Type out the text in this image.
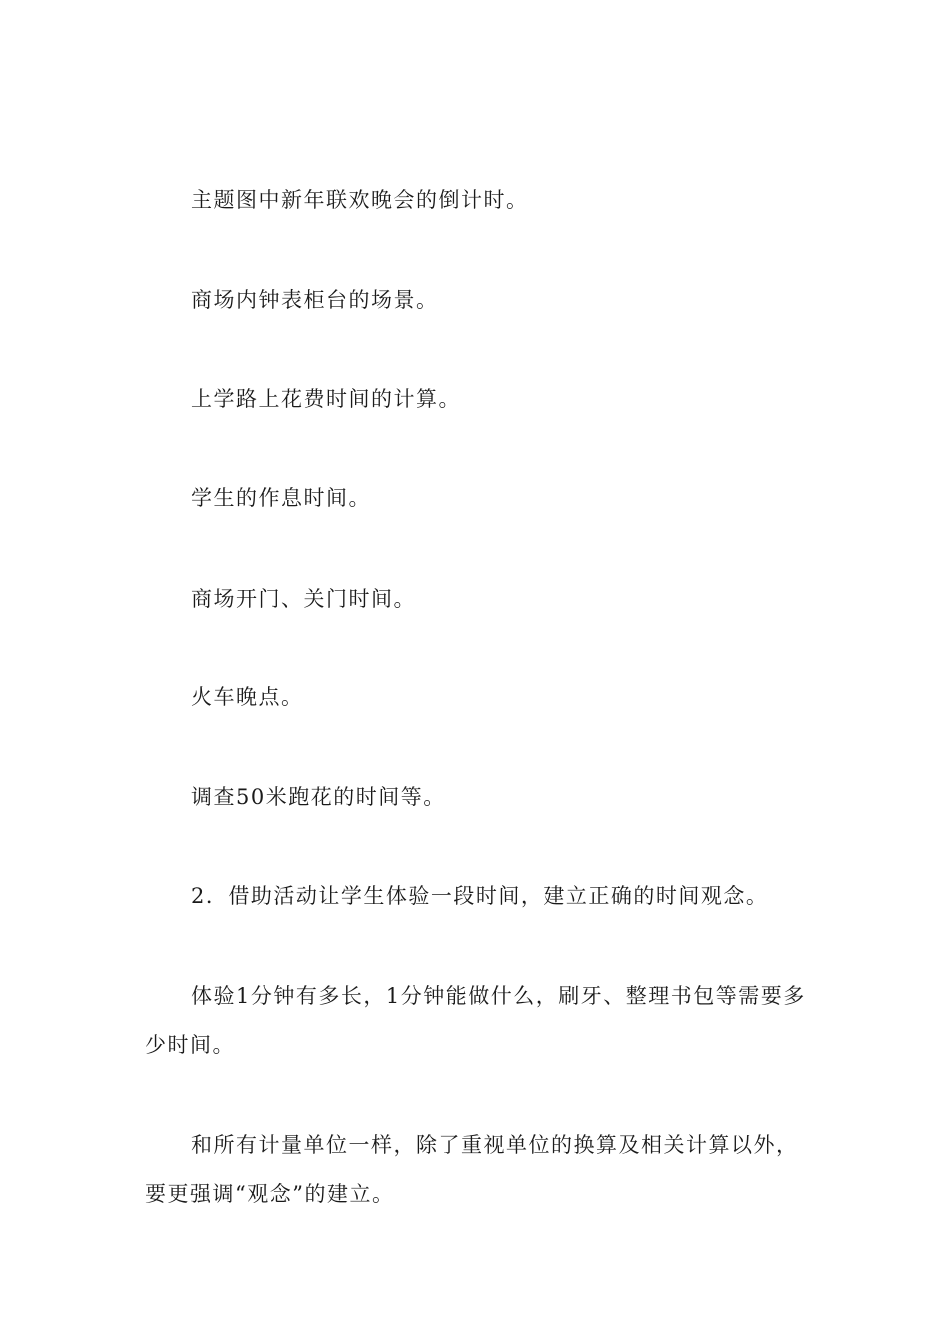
主题图中新年联欢晚会的倒计时。

商场内钟表柜台的场景。

上学路上花费时间的计算。

学生的作息时间。

商场开门、关门时间。

火车晚点。

调查50米跑花的时间等。

2．借助活动让学生体验一段时间，建立正确的时间观念。

体验1分钟有多长，1分钟能做什么，刷牙、整理书包等需要多少时间。

和所有计量单位一样，除了重视单位的换算及相关计算以外，要更强调“观念”的建立。
